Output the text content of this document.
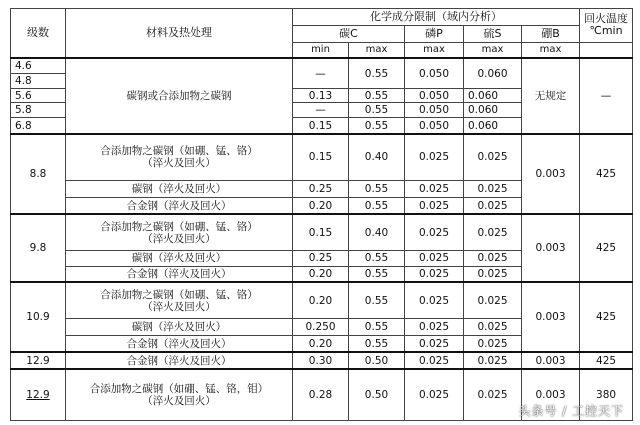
级数	材料及热处理	化学成分限制（域内分析）					回火温度
℃min
		碳C		磷P	硫S	硼B	
		min	max	max	max	max	
4.6	碳钢或合添加物之碳钢	—	0.55	0.050	0.060	无规定	—
4.8							
5.6		0.13	0.55	0.050	0.060		
5.8		—	0.55	0.050	0.060		
6.8		0.15	0.55	0.050	0.060		

8.8	合添加物之碳钢（如硼、锰、铬）
（淬火及回火）	0.15	0.40	0.025	0.025	0.003	425
	碳钢（淬火及回火）	0.25	0.55	0.025	0.025		
	合金钢（淬火及回火）	0.20	0.55	0.025	0.025		
9.8	合添加物之碳钢（如硼、锰、铬）
（淬火及回火）	0.15	0.40	0.025	0.025	0.003	425
	碳钢（淬火及回火）	0.25	0.55	0.025	0.025		
	合金钢（淬火及回火）	0.20	0.55	0.025	0.025		
10.9	合添加物之碳钢（如硼、锰、铬）
（淬火及回火）	0.20	0.55	0.025	0.025	0.003	425
	碳钢（淬火及回火）	0.250	0.55	0.025	0.025		
	合金钢（淬火及回火）	0.20	0.55	0.025	0.025		
12.9	合金钢（淬火及回火）	0.30	0.50	0.025	0.025	0.003	425
12.9	合添加物之碳钢（如硼、锰、铬，钼）
（淬火及回火）	0.28	0.50	0.025	0.025	0.003	380
头条号 / 工控天下
